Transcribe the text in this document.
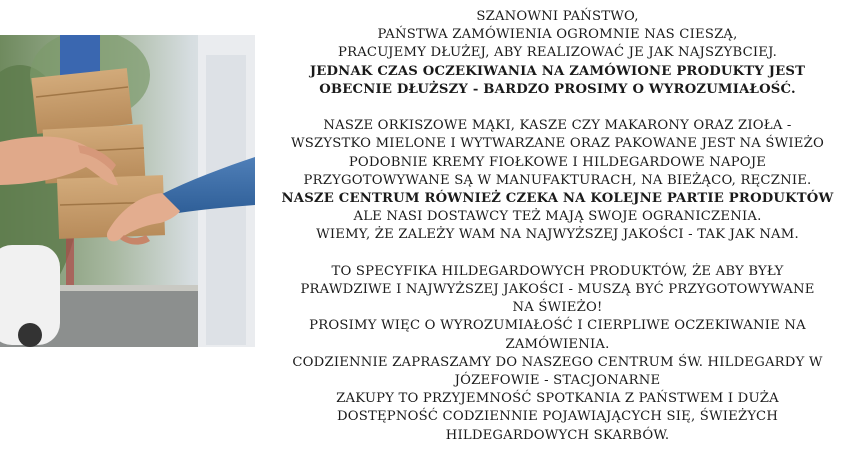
SZANOWNI PAŃSTWO,
PAŃSTWA ZAMÓWIENIA OGROMNIE NAS CIESZĄ,
PRACUJEMY DŁUŻEJ, ABY REALIZOWAĆ JE JAK NAJSZYBCIEJ.
JEDNAK CZAS OCZEKIWANIA NA ZAMÓWIONE PRODUKTY JEST
OBECNIE DŁUŻSZY - BARDZO PROSIMY O WYROZUMIAŁOŚĆ.
NASZE ORKISZOWE MĄKI, KASZE CZY MAKARONY ORAZ ZIOŁA -
WSZYSTKO MIELONE I WYTWARZANE ORAZ PAKOWANE JEST NA ŚWIEŻO
PODOBNIE KREMY FIOŁKOWE I HILDEGARDOWE NAPOJE
PRZYGOTOWYWANE SĄ W MANUFAKTURACH, NA BIEŻĄCO, RĘCZNIE.
NASZE CENTRUM RÓWNIEŻ CZEKA NA KOLEJNE PARTIE PRODUKTÓW
ALE NASI DOSTAWCY TEŻ MAJĄ SWOJE OGRANICZENIA.
WIEMY, ŻE ZALEŻY WAM NA NAJWYŻSZEJ JAKOŚCI - TAK JAK NAM.
TO SPECYFIKA HILDEGARDOWYCH PRODUKTÓW, ŻE ABY BYŁY
PRAWDZIWE I NAJWYŻSZEJ JAKOŚCI - MUSZĄ BYĆ PRZYGOTOWYWANE
NA ŚWIEŻO!
PROSIMY WIĘC O WYROZUMIAŁOŚĆ I CIERPLIWE OCZEKIWANIE NA
ZAMÓWIENIA.
CODZIENNIE ZAPRASZAMY DO NASZEGO CENTRUM ŚW. HILDEGARDY W
JÓZEFOWIE - STACJONARNE
ZAKUPY TO PRZYJEMNOŚĆ SPOTKANIA Z PAŃSTWEM I DUŻA
DOSTĘPNOŚĆ CODZIENNIE POJAWIAJĄCYCH SIĘ, ŚWIEŻYCH
HILDEGARDOWYCH SKARBÓW.
